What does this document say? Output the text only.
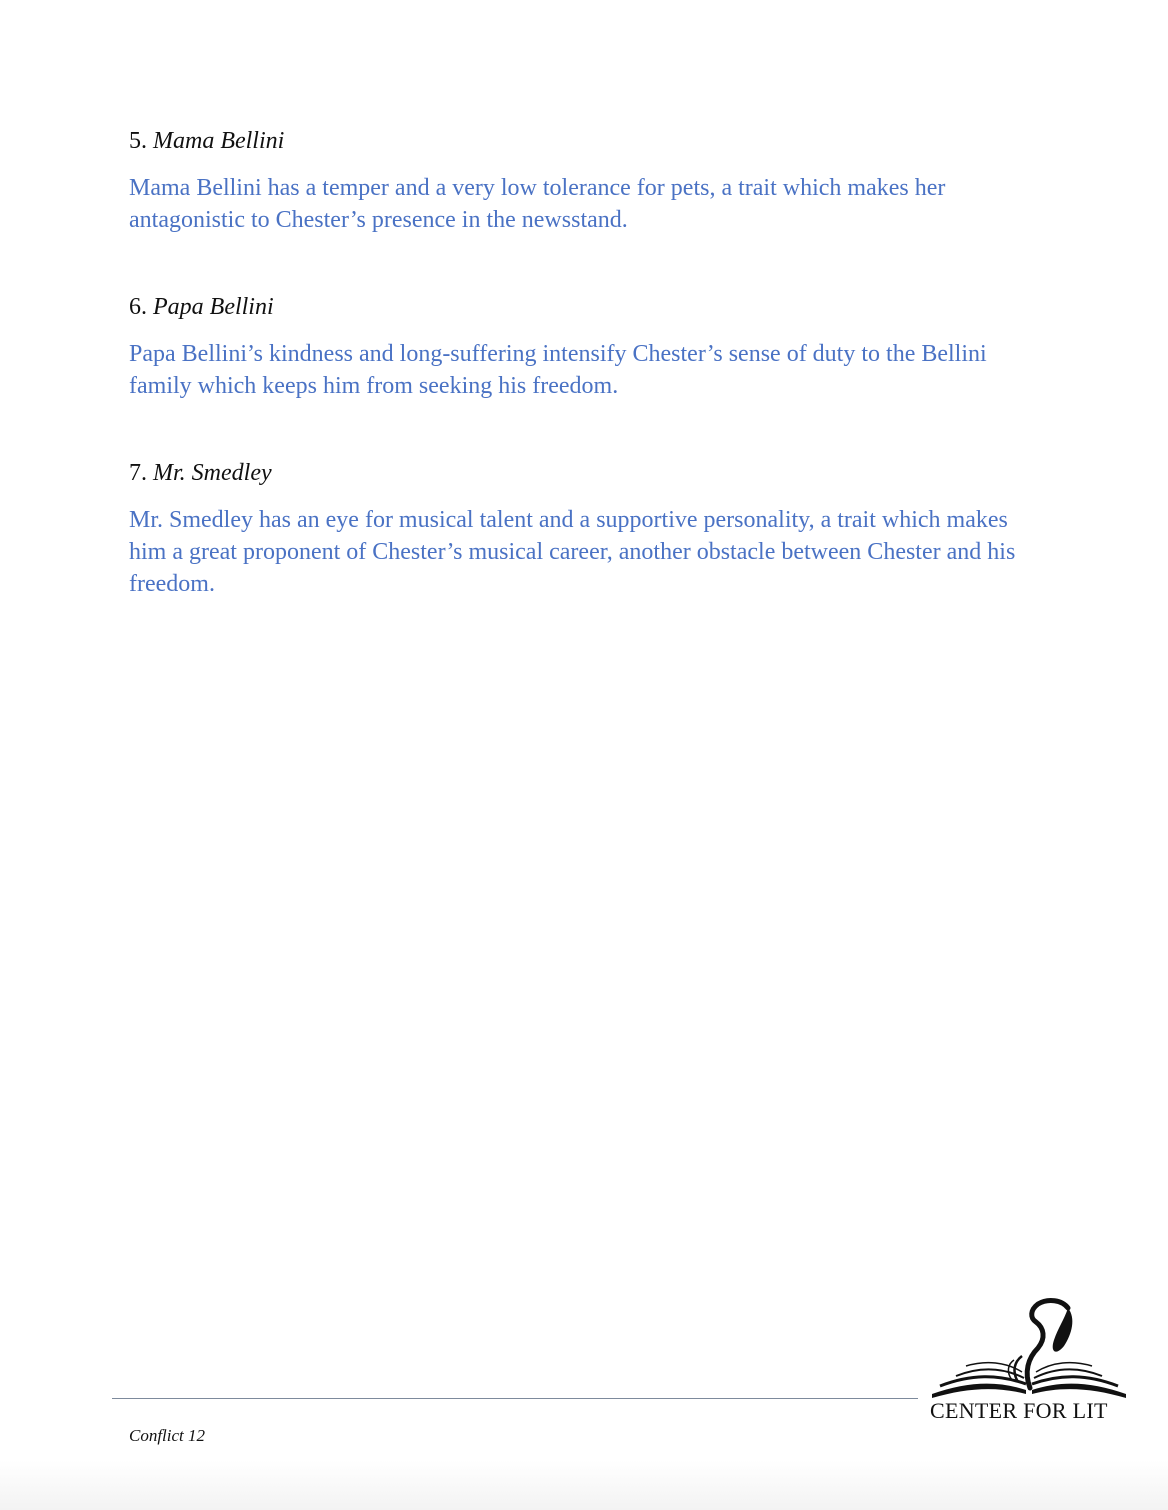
5. Mama Bellini

Mama Bellini has a temper and a very low tolerance for pets, a trait which makes her antagonistic to Chester’s presence in the newsstand.

6. Papa Bellini

Papa Bellini’s kindness and long-suffering intensify Chester’s sense of duty to the Bellini family which keeps him from seeking his freedom.

7. Mr. Smedley

Mr. Smedley has an eye for musical talent and a supportive personality, a trait which makes him a great proponent of Chester’s musical career, another obstacle between Chester and his freedom.

Conflict 12
CENTER FOR LIT
